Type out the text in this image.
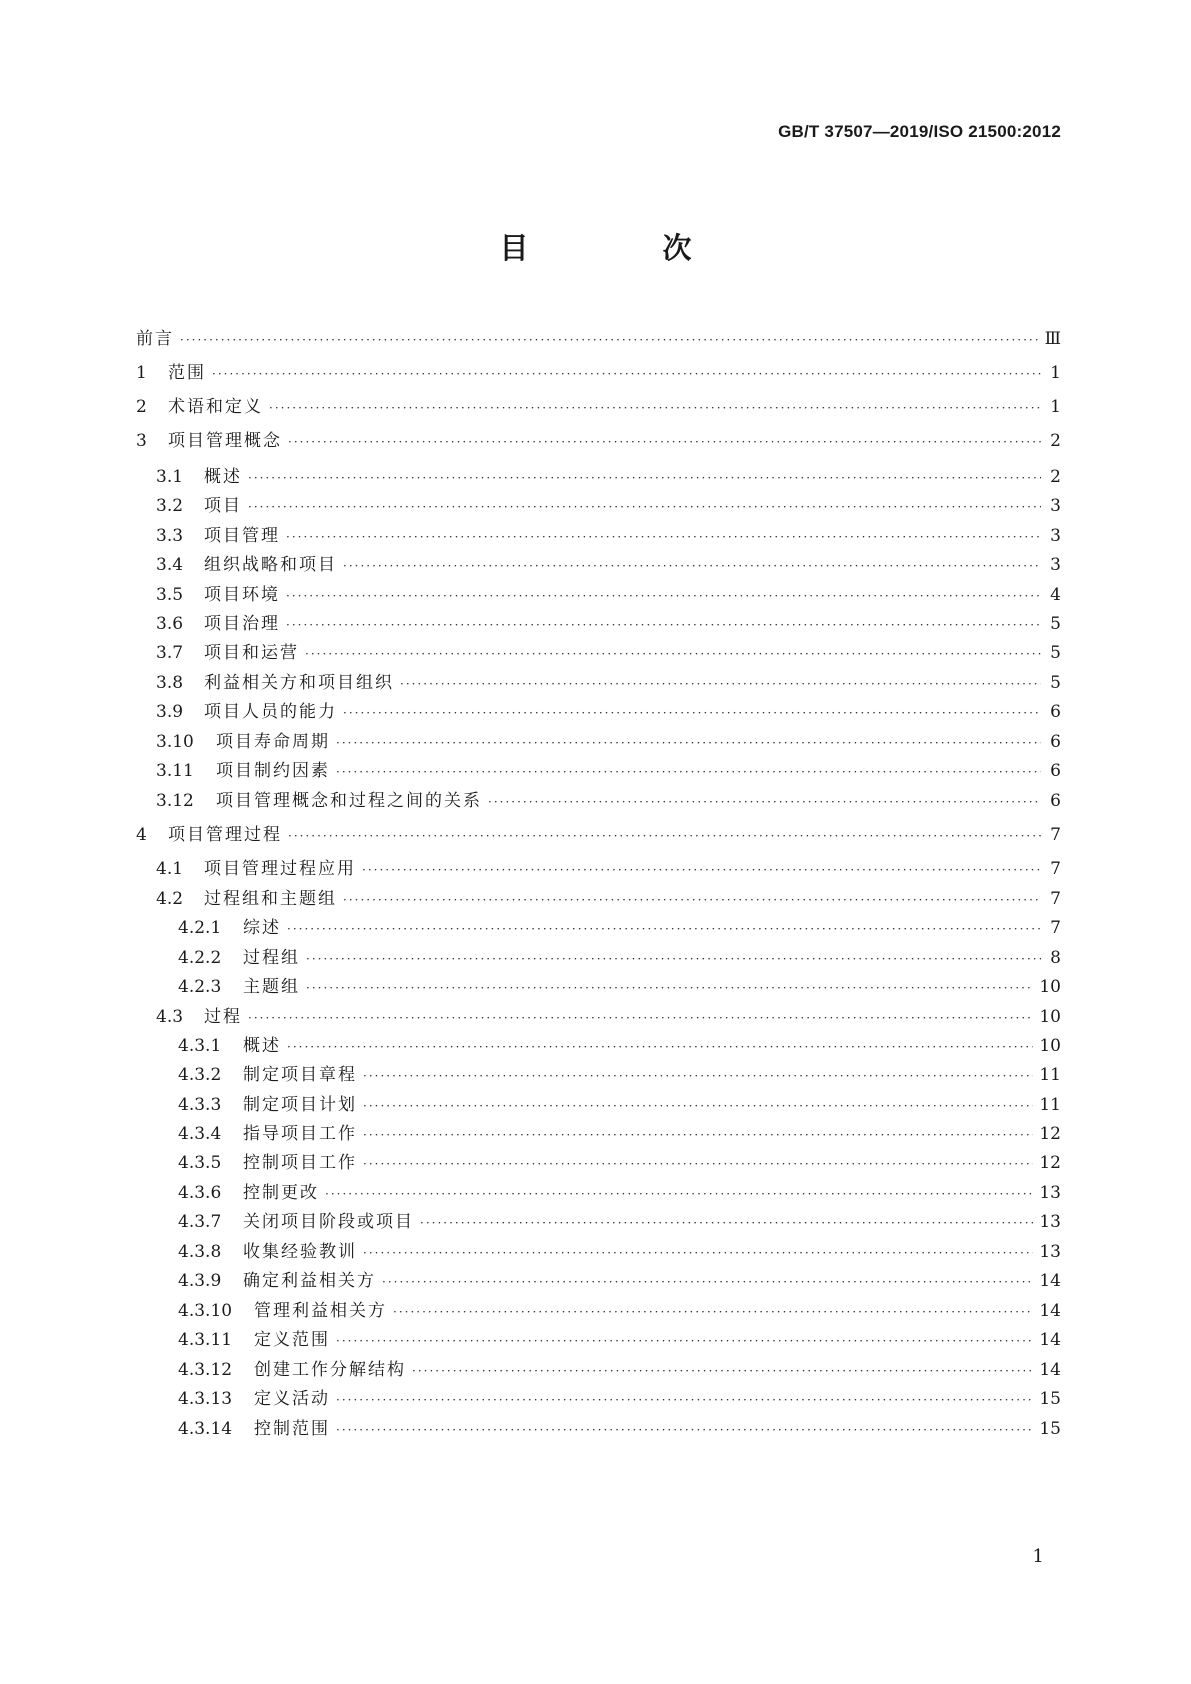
GB/T 37507—2019/ISO 21500:2012
目 次
前言 ·····	Ⅲ
1	范围 ·····	1
2	术语和定义 ·····	1
3	项目管理概念 ·····	2
3.1	概述 ·····	2
3.2	项目 ·····	3
3.3	项目管理 ·····	3
3.4	组织战略和项目 ·····	3
3.5	项目环境 ·····	4
3.6	项目治理 ·····	5
3.7	项目和运营 ·····	5
3.8	利益相关方和项目组织 ·····	5
3.9	项目人员的能力 ·····	6
3.10	项目寿命周期 ·····	6
3.11	项目制约因素 ·····	6
3.12	项目管理概念和过程之间的关系 ·····	6
4	项目管理过程 ·····	7
4.1	项目管理过程应用 ·····	7
4.2	过程组和主题组 ·····	7
4.2.1	综述 ·····	7
4.2.2	过程组 ·····	8
4.2.3	主题组 ·····	10
4.3	过程 ·····	10
4.3.1	概述 ·····	10
4.3.2	制定项目章程 ·····	11
4.3.3	制定项目计划 ·····	11
4.3.4	指导项目工作 ·····	12
4.3.5	控制项目工作 ·····	12
4.3.6	控制更改 ·····	13
4.3.7	关闭项目阶段或项目 ·····	13
4.3.8	收集经验教训 ·····	13
4.3.9	确定利益相关方 ·····	14
4.3.10	管理利益相关方 ·····	14
4.3.11	定义范围 ·····	14
4.3.12	创建工作分解结构 ·····	14
4.3.13	定义活动 ·····	15
4.3.14	控制范围 ·····	15
1
